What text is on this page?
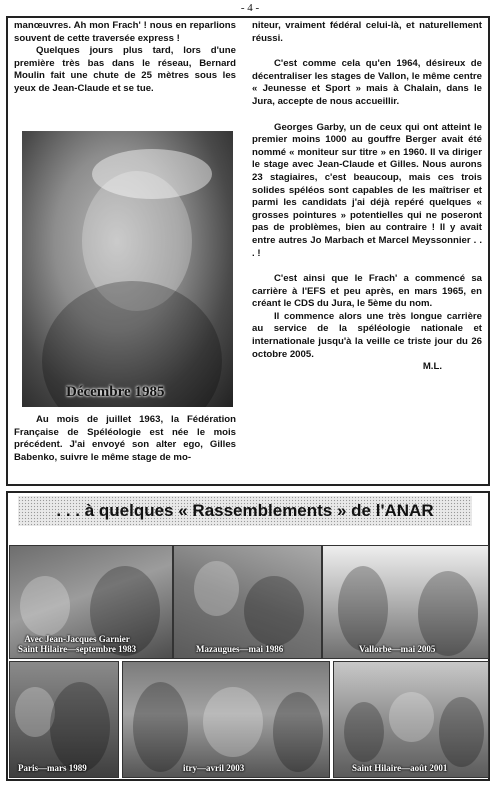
- 4 -

manœuvres. Ah mon Frach' ! nous en reparlions souvent de cette traversée express !

Quelques jours plus tard, lors d'une première très bas dans le réseau, Bernard Moulin fait une chute de 25 mètres sous les yeux de Jean-Claude et se tue.

Décembre 1985

Au mois de juillet 1963, la Fédération Française de Spéléologie est née le mois précédent. J'ai envoyé son alter ego, Gilles Babenko, suivre le même stage de mo-

niteur, vraiment fédéral celui-là, et naturellement réussi.

C'est comme cela qu'en 1964, désireux de décentraliser les stages de Vallon, le même centre « Jeunesse et Sport » mais à Chalain, dans le Jura, accepte de nous accueillir.

Georges Garby, un de ceux qui ont atteint le premier moins 1000 au gouffre Berger avait été nommé « moniteur sur titre » en 1960. Il va diriger le stage avec Jean-Claude et Gilles. Nous aurons 23 stagiaires, c'est beaucoup, mais ces trois solides spéléos sont capables de les maîtriser et parmi les candidats j'ai déjà repéré quelques « grosses pointures » potentielles qui ne poseront pas de problèmes, bien au contraire ! Il y avait entre autres Jo Marbach et Marcel Meyssonnier . . . !

C'est ainsi que le Frach' a commencé sa carrière à l'EFS et peu après, en mars 1965, en créant le CDS du Jura, le 5ème du nom.

Il commence alors une très longue carrière au service de la spéléologie nationale et internationale jusqu'à la veille ce triste jour du 26 octobre 2005.

M.L.

. . . à quelques « Rassemblements » de l'ANAR
Avec Jean-Jacques Garnier
Saint Hilaire—septembre 1983	Mazaugues—mai 1986	Vallorbe—mai 2005
Paris—mars 1989	itry—avril 2003	Saint Hilaire—août 2001
